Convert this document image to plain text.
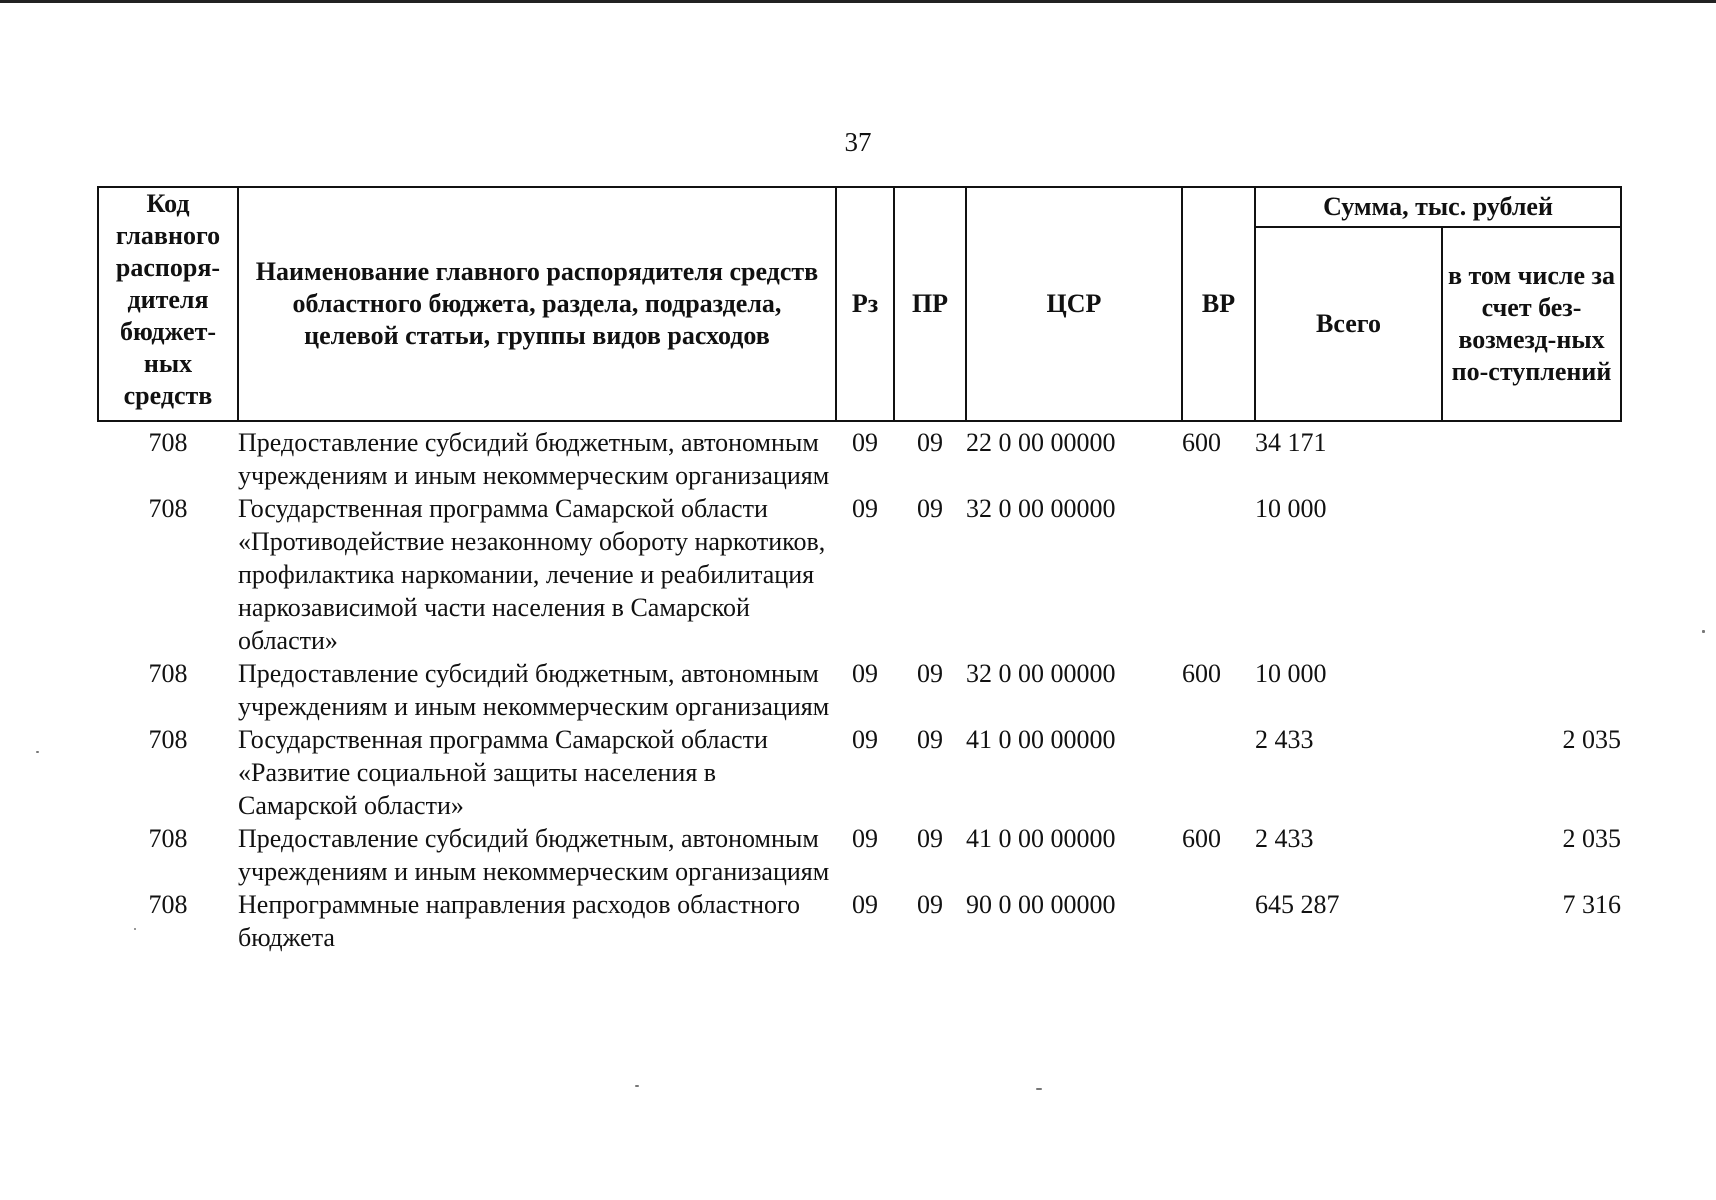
37
Код главного распоря-дителя бюджет-ных средств	Наименование главного распорядителя средств областного бюджета, раздела, подраздела, целевой статьи, группы видов расходов	Рз	ПР	ЦСР	ВР	Сумма, тыс. рублей	
						Всего	в том числе за счет без-возмезд-ных по-ступлений
708	Предоставление субсидий бюджетным, автономным учреждениям и иным некоммерческим организациям	09	09	22 0 00 00000	600	34 171	
708	Государственная программа Самарской области «Противодействие незаконному обороту наркотиков, профилактика наркомании, лечение и реабилитация наркозависимой части населения в Самарской области»	09	09	32 0 00 00000		10 000	
708	Предоставление субсидий бюджетным, автономным учреждениям и иным некоммерческим организациям	09	09	32 0 00 00000	600	10 000	
708	Государственная программа Самарской области «Развитие социальной защиты населения в Самарской области»	09	09	41 0 00 00000		2 433	2 035
708	Предоставление субсидий бюджетным, автономным учреждениям и иным некоммерческим организациям	09	09	41 0 00 00000	600	2 433	2 035
708	Непрограммные направления расходов областного бюджета	09	09	90 0 00 00000		645 287	7 316
